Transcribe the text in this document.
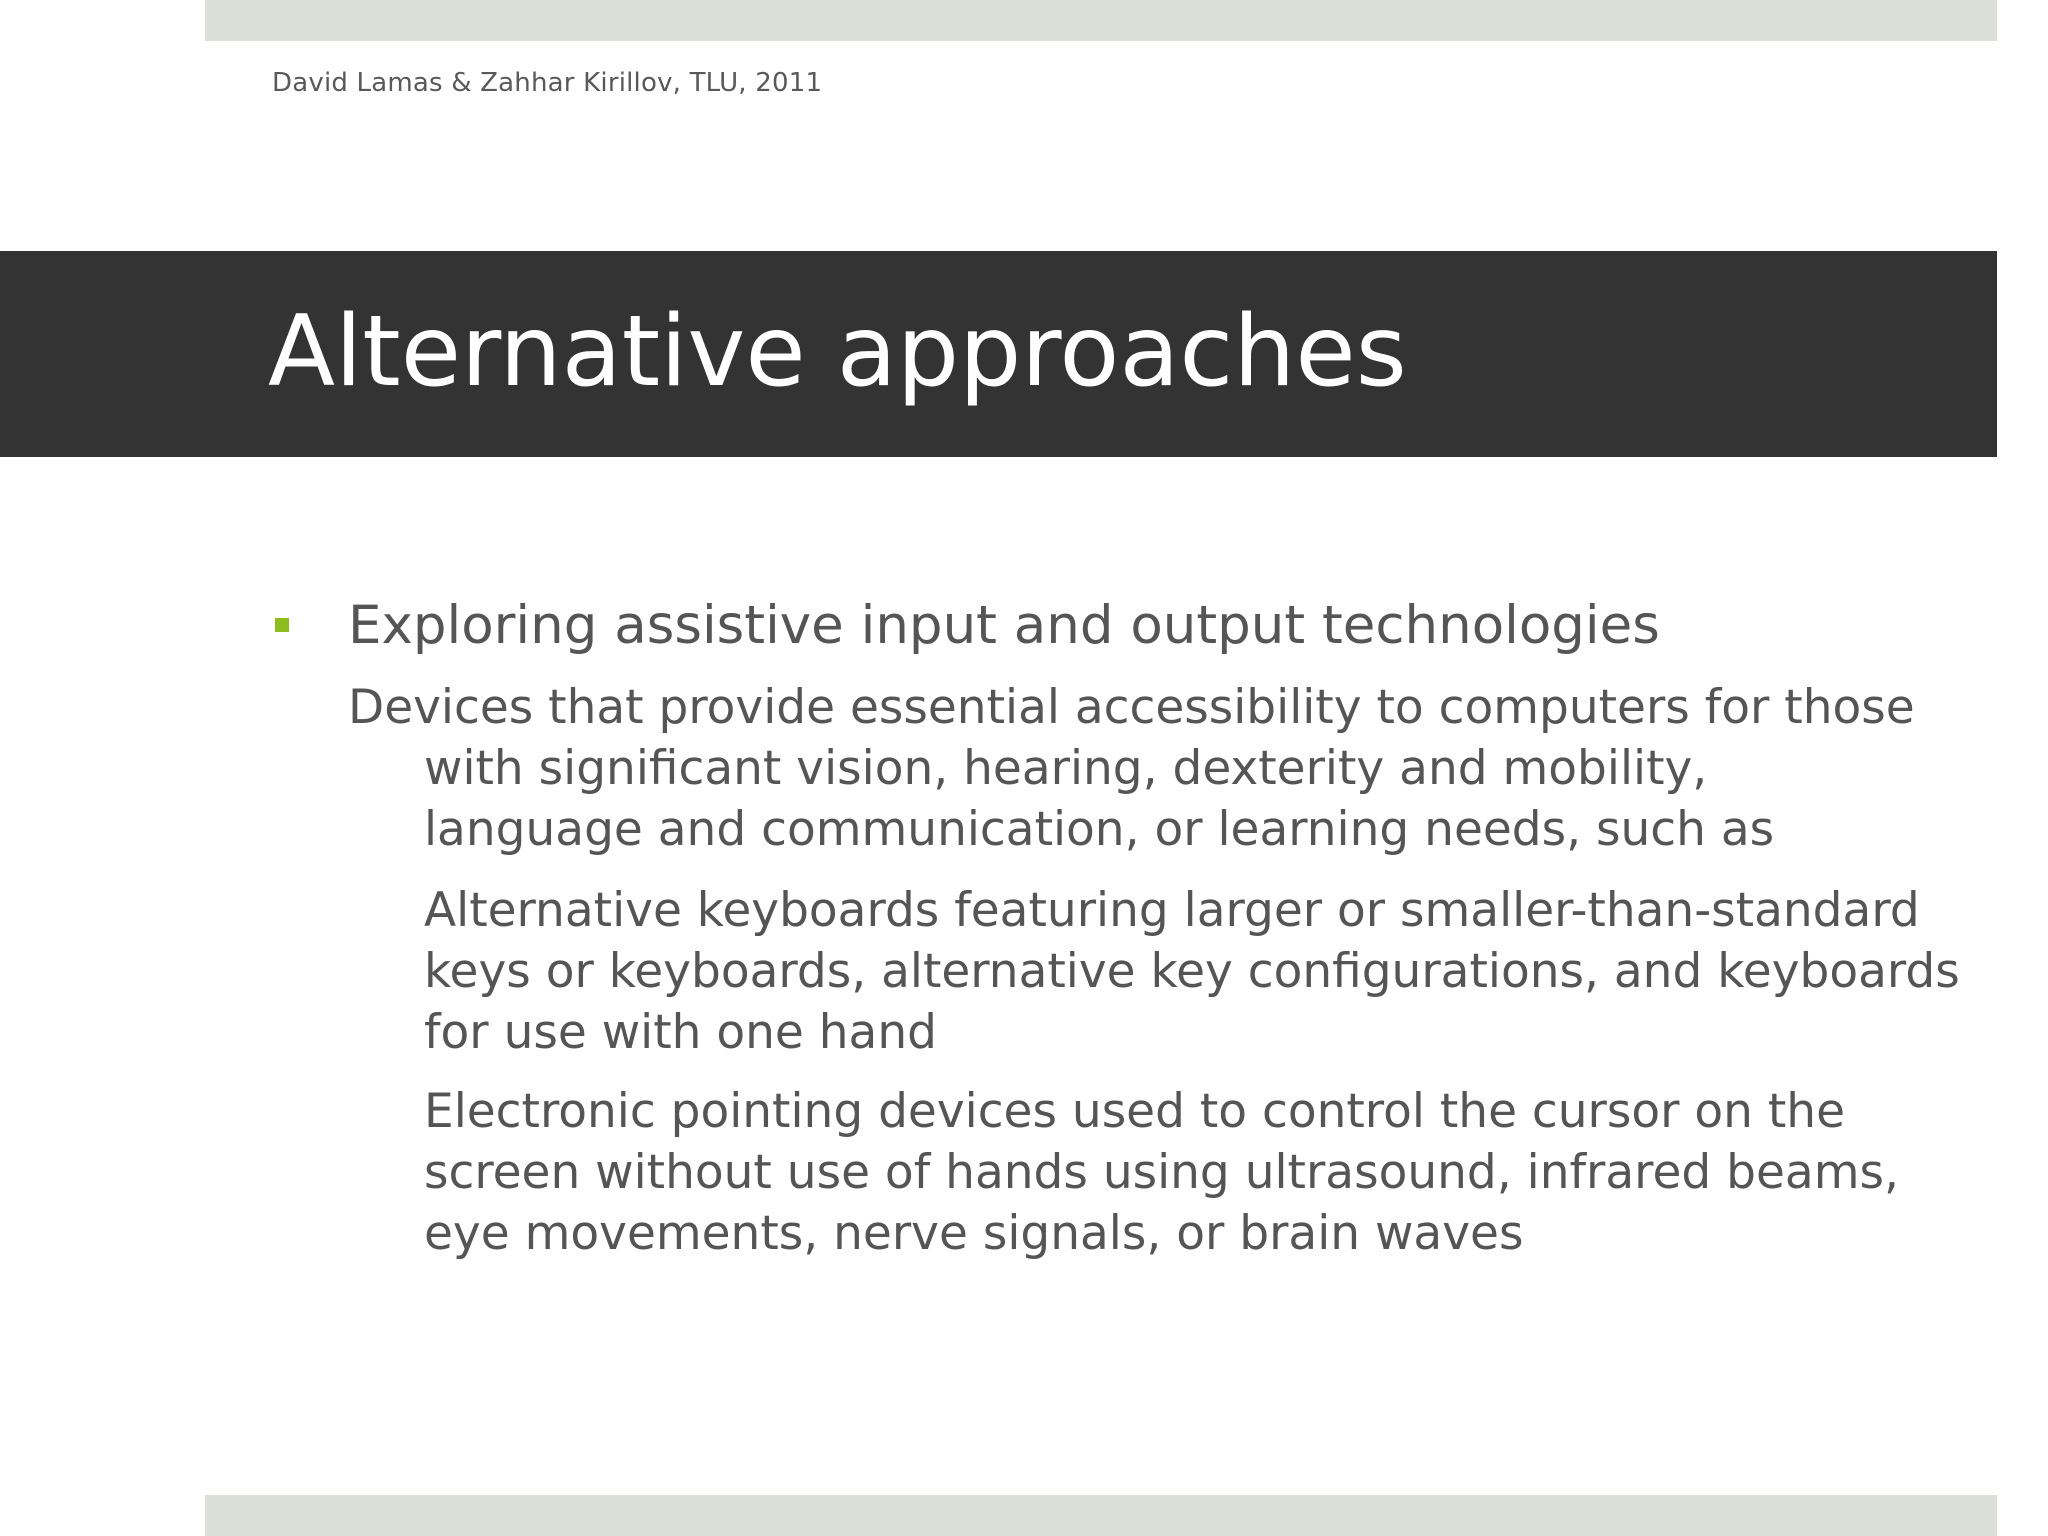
David Lamas & Zahhar Kirillov, TLU, 2011
Alternative approaches
Exploring assistive input and output technologies
Devices that provide essential accessibility to computers for those with significant vision, hearing, dexterity and mobility, language and communication, or learning needs, such as
Alternative keyboards featuring larger or smaller-than-standard keys or keyboards, alternative key configurations, and keyboards for use with one hand
Electronic pointing devices used to control the cursor on the screen without use of hands using ultrasound, infrared beams, eye movements, nerve signals, or brain waves
